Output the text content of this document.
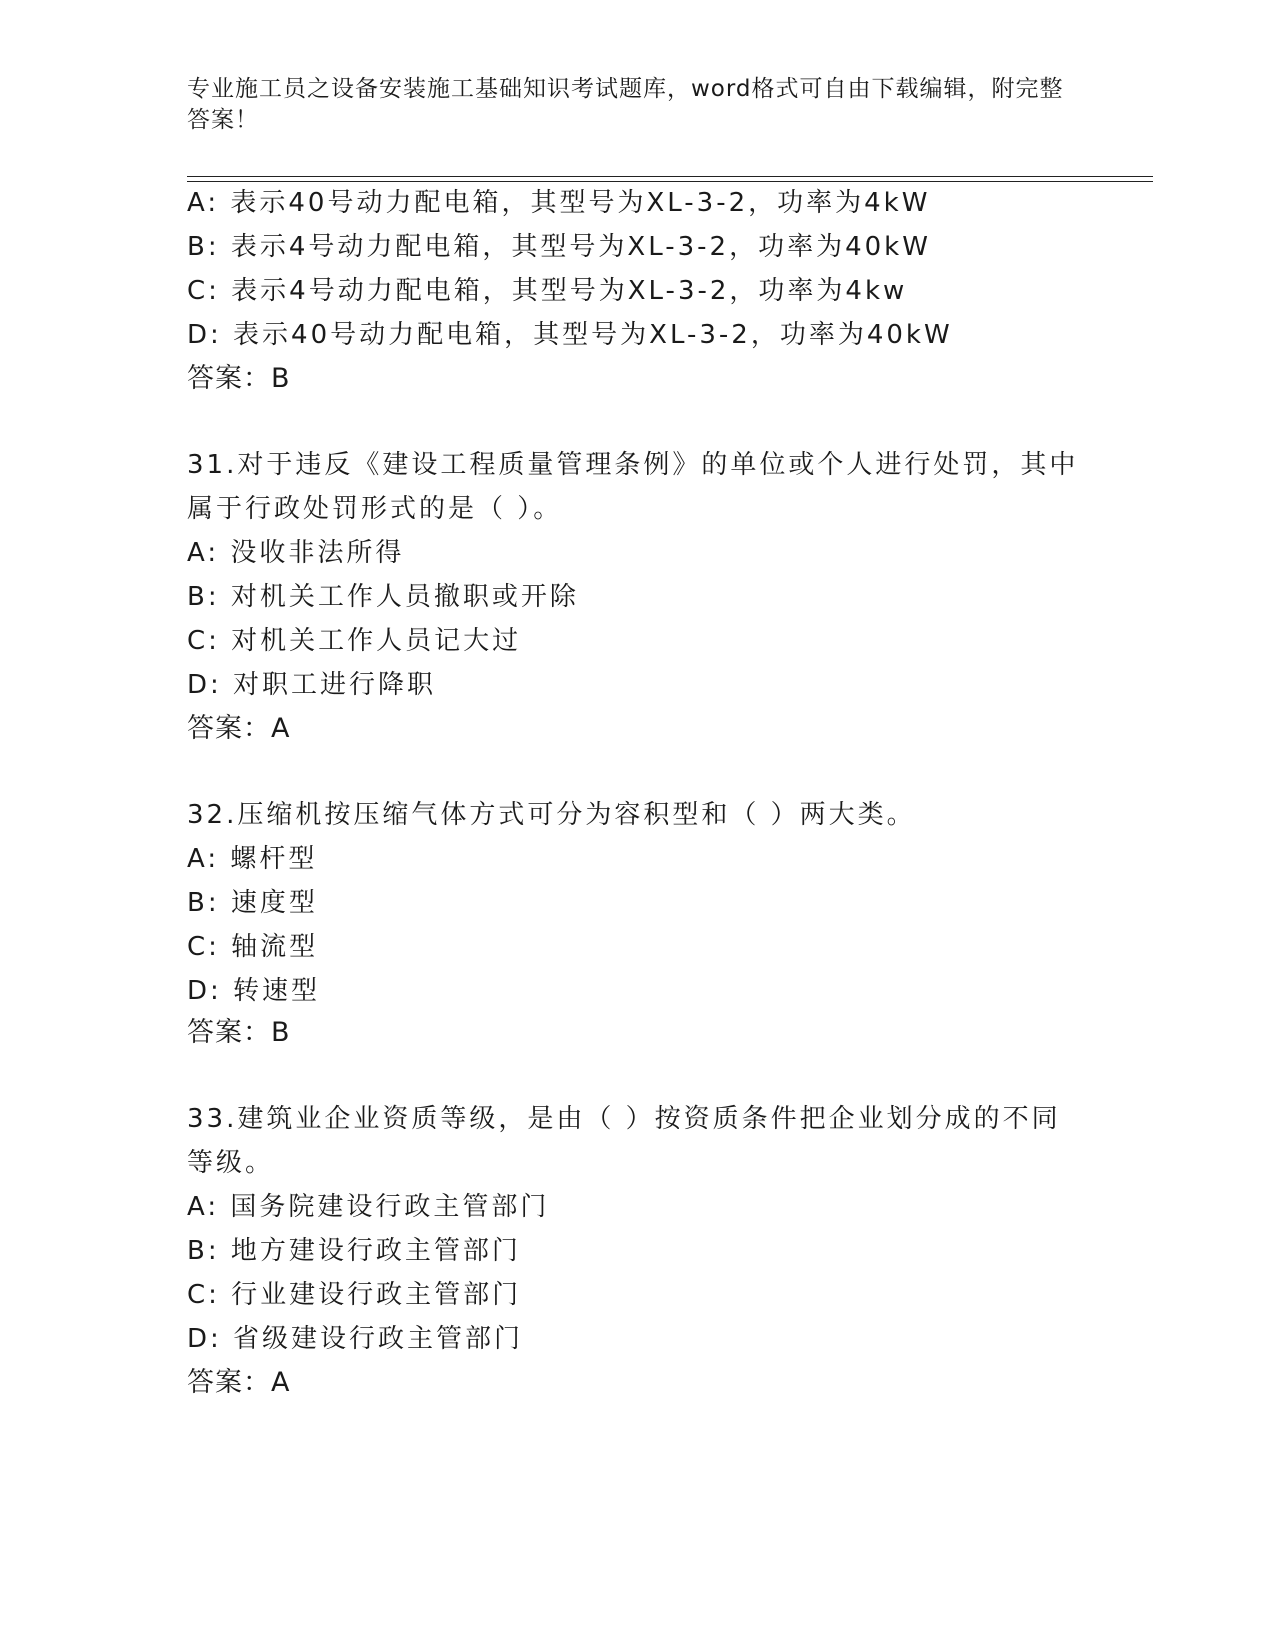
专业施工员之设备安装施工基础知识考试题库，word格式可自由下载编辑，附完整答案！
A: 表示40号动力配电箱，其型号为XL-3-2，功率为4kW
B: 表示4号动力配电箱，其型号为XL-3-2，功率为40kW
C: 表示4号动力配电箱，其型号为XL-3-2，功率为4kw
D: 表示40号动力配电箱，其型号为XL-3-2，功率为40kW
答案：B
31.对于违反《建设工程质量管理条例》的单位或个人进行处罚，其中
属于行政处罚形式的是（ ）。
A: 没收非法所得
B: 对机关工作人员撤职或开除
C: 对机关工作人员记大过
D: 对职工进行降职
答案：A
32.压缩机按压缩气体方式可分为容积型和（ ）两大类。
A: 螺杆型
B: 速度型
C: 轴流型
D: 转速型
答案：B
33.建筑业企业资质等级，是由（ ）按资质条件把企业划分成的不同
等级。
A: 国务院建设行政主管部门
B: 地方建设行政主管部门
C: 行业建设行政主管部门
D: 省级建设行政主管部门
答案：A
